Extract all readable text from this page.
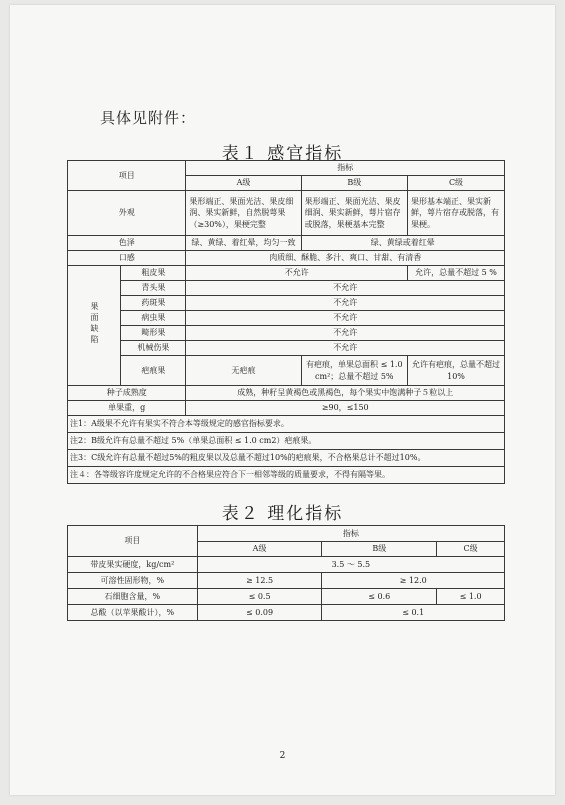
具体见附件：
表１ 感官指标
项目		指标		
		A级	B级	C级
外观		果形端正、果面光洁、果皮细润、果实新鲜，自然脱萼果（≥30%），果梗完整	果形端正、果面光洁、果皮细润、果实新鲜，萼片宿存或脱落，果梗基本完整	果形基本端正、果实新鲜，萼片宿存或脱落，有果梗。
色泽		绿、黄绿、着红晕，均匀一致	绿、黄绿或着红晕	
口感		肉质细、酥脆、多汁、爽口、甘甜、有清香		
果面缺陷	粗皮果	不允许		允许，总量不超过 5 %
	青头果	不允许		
	药斑果	不允许		
	病虫果	不允许		
	畸形果	不允许		
	机械伤果	不允许		
	疤痕果	无疤痕	有疤痕，单果总面积 ≤ 1.0 cm²；总量不超过 5%	允许有疤痕，总量不超过10%
种子成熟度		成熟，种籽呈黄褐色或黑褐色，每个果实中饱满种子５粒以上		
单果重，g		≥90，≤150		
注1：A级果不允许有果实不符合本等级规定的感官指标要求。				
注2：B级允许有总量不超过 5%（单果总面积 ≤ 1.0 cm2）疤痕果。				
注3：C级允许有总量不超过5%的粗皮果以及总量不超过10%的疤痕果，不合格果总计不超过10%。				
注４：各等级容许度规定允许的不合格果应符合下一相邻等级的质量要求，不得有隔等果。				
表２ 理化指标
项目	指标		
	A级	B级	C级
带皮果实硬度，kg/cm²	3.5 ～ 5.5		
可溶性固形物，%	≥ 12.5	≥ 12.0	
石细胞含量，%	≤ 0.5	≤ 0.6	≤ 1.0
总酸（以苹果酸计），%	≤ 0.09	≤ 0.1	
2
